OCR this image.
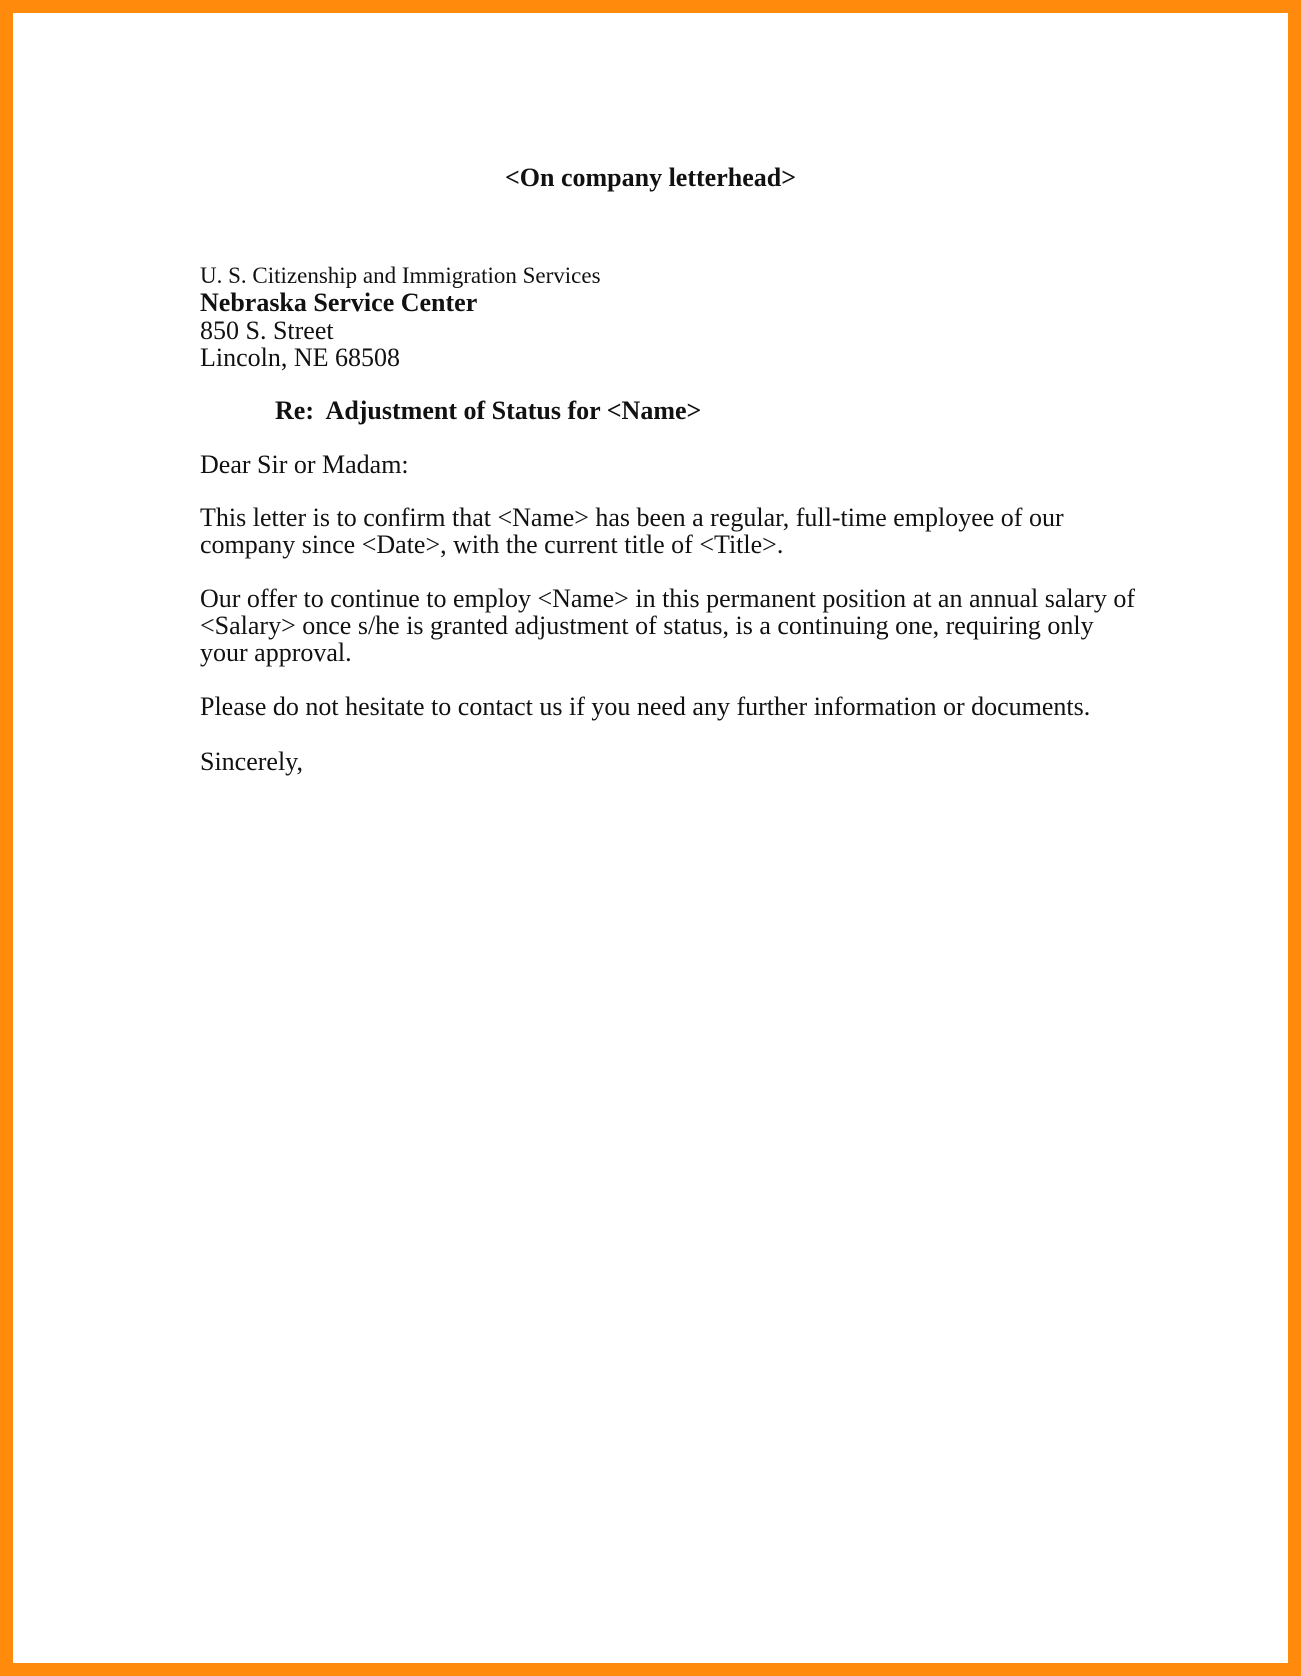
<On company letterhead>

U. S. Citizenship and Immigration Services

Nebraska Service Center

850 S. Street

Lincoln, NE 68508

Re:  Adjustment of Status for <Name>

Dear Sir or Madam:

This letter is to confirm that <Name> has been a regular, full-time employee of our
company since <Date>, with the current title of <Title>.

Our offer to continue to employ <Name> in this permanent position at an annual salary of
<Salary> once s/he is granted adjustment of status, is a continuing one, requiring only
your approval.

Please do not hesitate to contact us if you need any further information or documents.

Sincerely,
